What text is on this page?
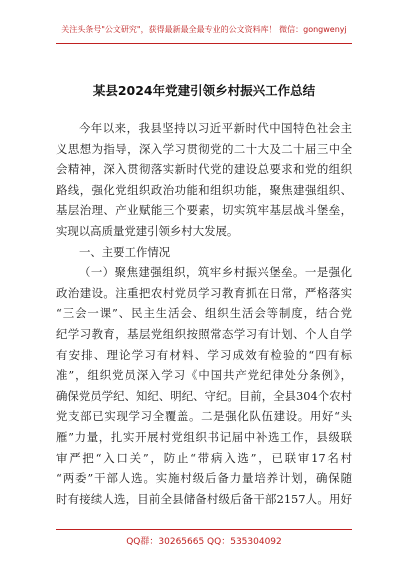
关注头条号"公文研究"，获得最新最全最专业的公文资料库！ 微信：gongwenyj
某县2024年党建引领乡村振兴工作总结
今年以来，我县坚持以习近平新时代中国特色社会主
义思想为指导，深入学习贯彻党的二十大及二十届三中全
会精神，深入贯彻落实新时代党的建设总要求和党的组织
路线，强化党组织政治功能和组织功能，聚焦建强组织、
基层治理、产业赋能三个要素，切实筑牢基层战斗堡垒，
实现以高质量党建引领乡村大发展。
一、主要工作情况
（一）聚焦建强组织，筑牢乡村振兴堡垒。一是强化
政治建设。注重把农村党员学习教育抓在日常，严格落实
“三会一课”、民主生活会、组织生活会等制度，结合党
纪学习教育，基层党组织按照常态学习有计划、个人自学
有安排、理论学习有材料、学习成效有检验的“四有标
准”，组织党员深入学习《中国共产党纪律处分条例》，
确保党员学纪、知纪、明纪、守纪。目前，全县304个农村
党支部已实现学习全覆盖。二是强化队伍建设。用好“头
雁”力量，扎实开展村党组织书记届中补选工作，县级联
审严把“入口关”，防止“带病入选”，已联审17名村
“两委”干部人选。实施村级后备力量培养计划，确保随
时有接续人选，目前全县储备村级后备干部2157人。用好
QQ群：30265665 QQ：535304092
